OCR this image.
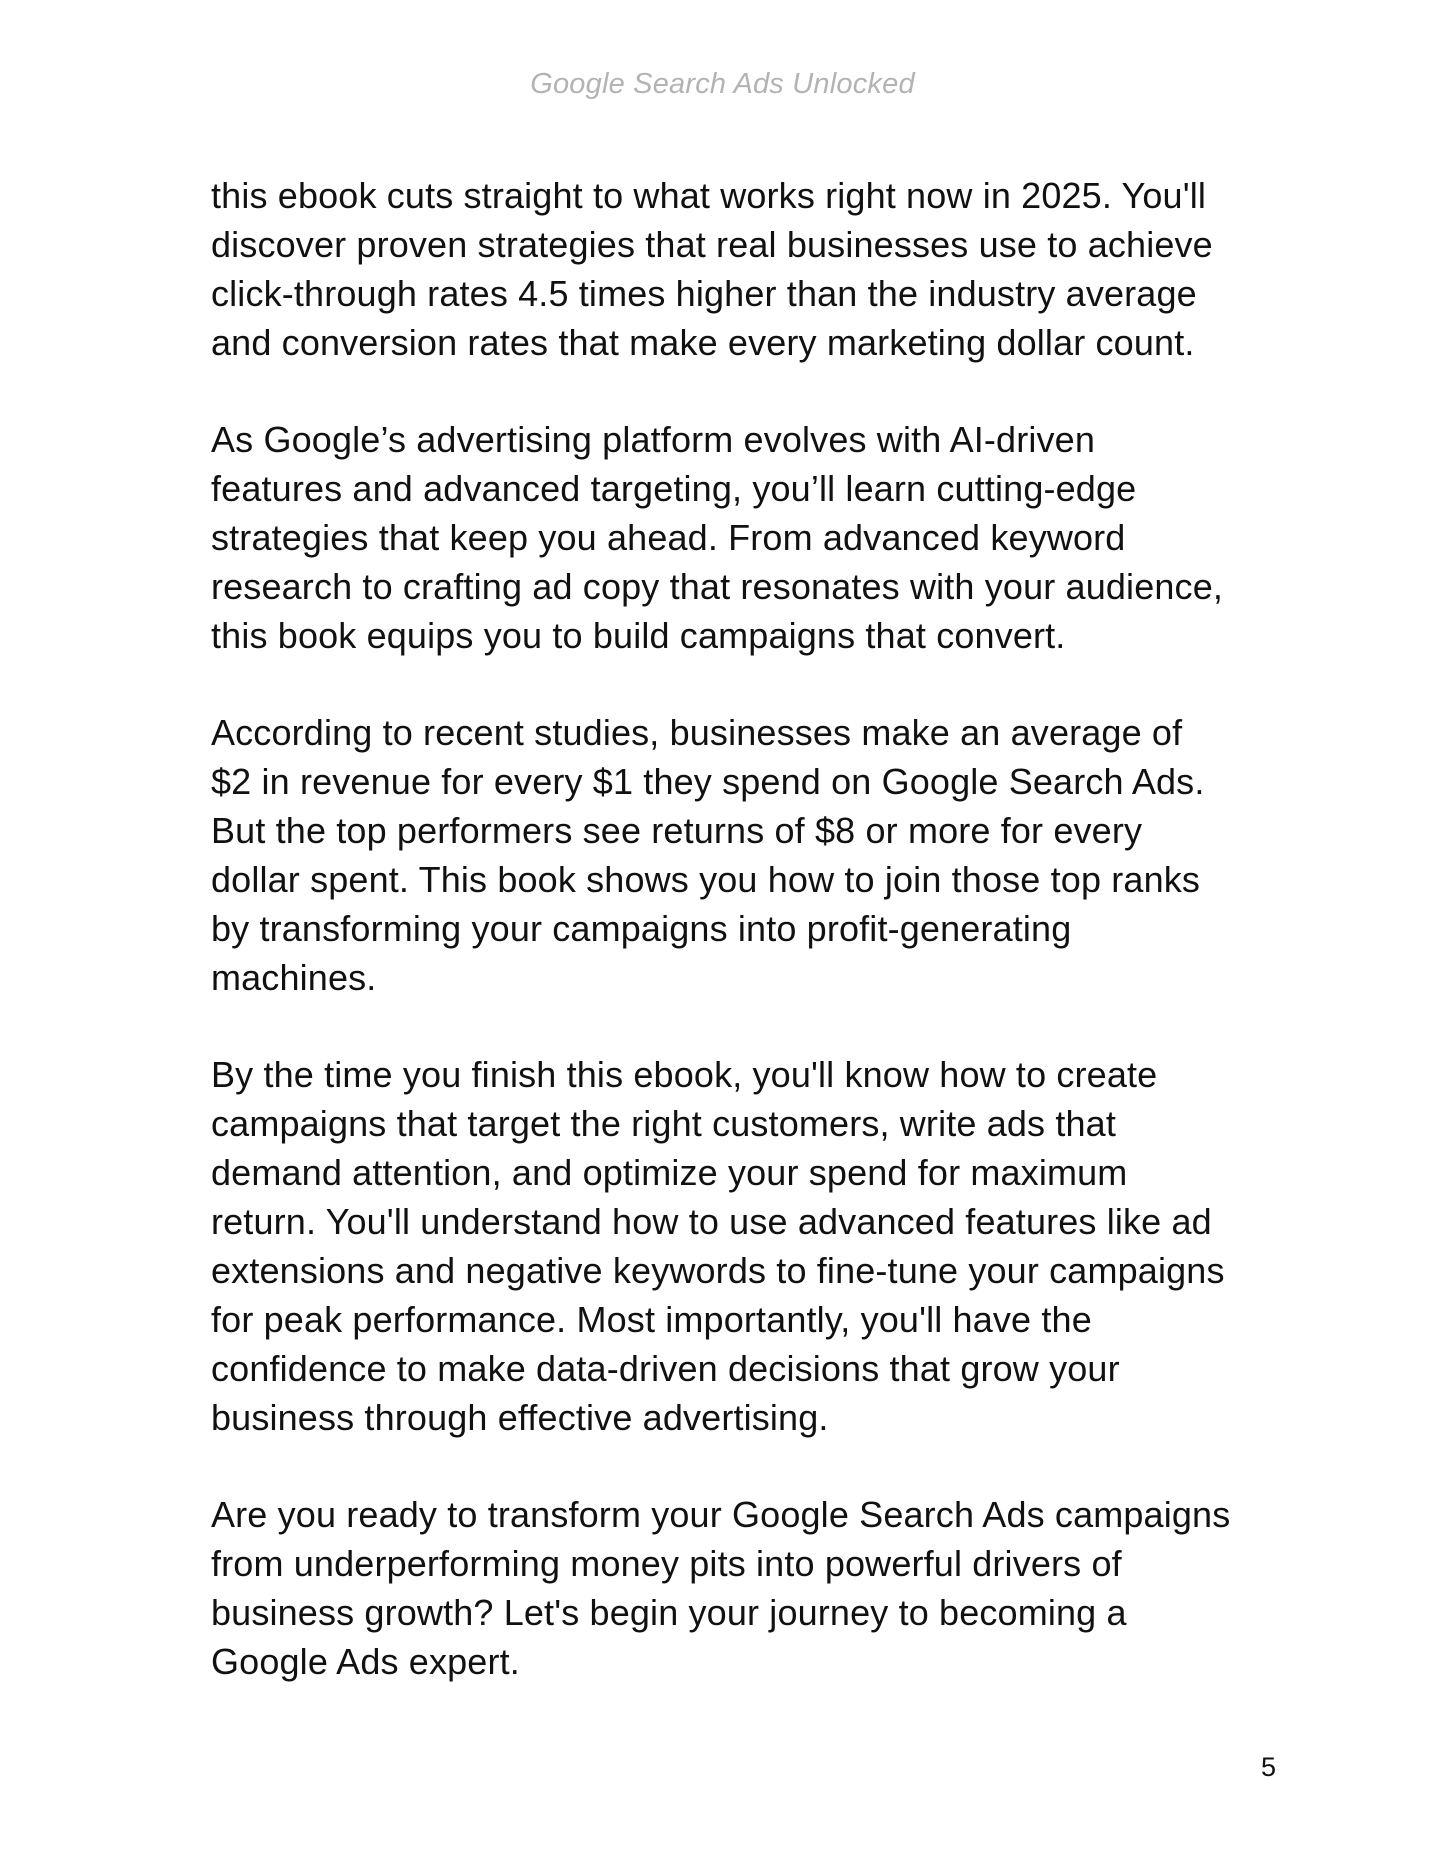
Google Search Ads Unlocked

this ebook cuts straight to what works right now in 2025. You'll
discover proven strategies that real businesses use to achieve
click-through rates 4.5 times higher than the industry average
and conversion rates that make every marketing dollar count.

As Google’s advertising platform evolves with AI-driven
features and advanced targeting, you’ll learn cutting-edge
strategies that keep you ahead. From advanced keyword
research to crafting ad copy that resonates with your audience,
this book equips you to build campaigns that convert.

According to recent studies, businesses make an average of
$2 in revenue for every $1 they spend on Google Search Ads.
But the top performers see returns of $8 or more for every
dollar spent. This book shows you how to join those top ranks
by transforming your campaigns into profit-generating
machines.

By the time you finish this ebook, you'll know how to create
campaigns that target the right customers, write ads that
demand attention, and optimize your spend for maximum
return. You'll understand how to use advanced features like ad
extensions and negative keywords to fine-tune your campaigns
for peak performance. Most importantly, you'll have the
confidence to make data-driven decisions that grow your
business through effective advertising.

Are you ready to transform your Google Search Ads campaigns
from underperforming money pits into powerful drivers of
business growth? Let's begin your journey to becoming a
Google Ads expert.

5
